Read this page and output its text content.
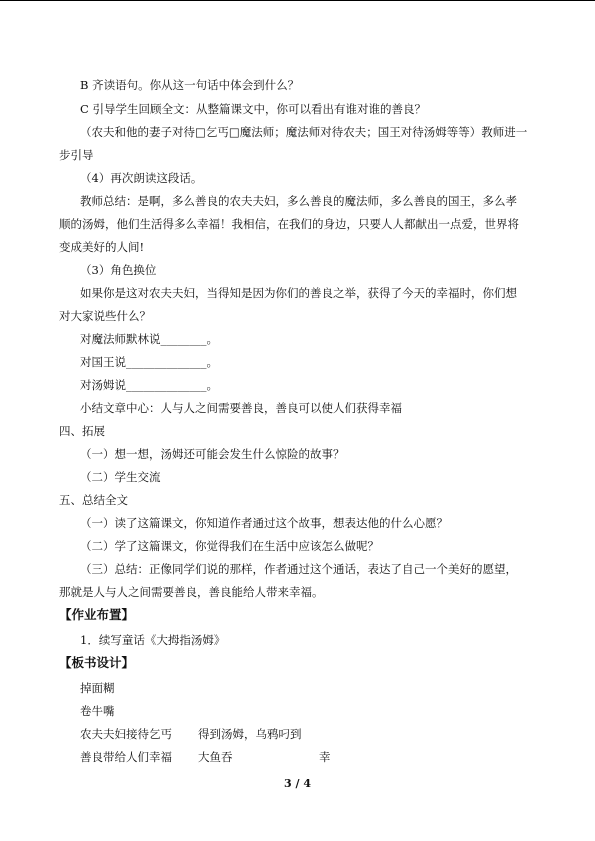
B 齐读语句。你从这一句话中体会到什么？
C 引导学生回顾全文：从整篇课文中，你可以看出有谁对谁的善良？
（农夫和他的妻子对待□乞丐□魔法师；魔法师对待农夫；国王对待汤姆等等）教师进一
步引导
（4）再次朗读这段话。
教师总结：是啊，多么善良的农夫夫妇，多么善良的魔法师，多么善良的国王，多么孝
顺的汤姆，他们生活得多么幸福！我相信，在我们的身边，只要人人都献出一点爱，世界将
变成美好的人间!
（3）角色换位
如果你是这对农夫夫妇，当得知是因为你们的善良之举，获得了今天的幸福时，你们想
对大家说些什么？
对魔法师默林说________。
对国王说______________。
对汤姆说______________。
小结文章中心：人与人之间需要善良，善良可以使人们获得幸福
四、拓展
（一）想一想，汤姆还可能会发生什么惊险的故事？
（二）学生交流
五、总结全文
（一）读了这篇课文，你知道作者通过这个故事，想表达他的什么心愿？
（二）学了这篇课文，你觉得我们在生活中应该怎么做呢？
（三）总结：正像同学们说的那样，作者通过这个通话，表达了自己一个美好的愿望，
那就是人与人之间需要善良，善良能给人带来幸福。
【作业布置】
1．续写童话《大拇指汤姆》
【板书设计】
掉面糊
卷牛嘴
农夫夫妇接待乞丐 得到汤姆，乌鸦叼到
善良带给人们幸福 大鱼吞	幸
3 / 4
